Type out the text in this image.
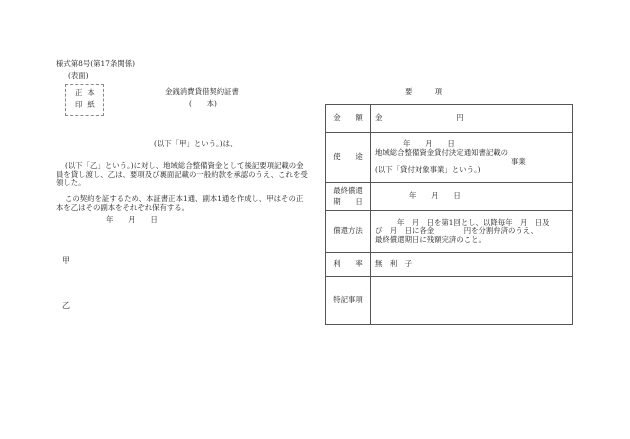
様式第8号(第17条関係)
(表面)
正本
印紙
金銭消費貸借契約証書
(　　本)
(以下「甲」という。)は、
(以下「乙」という。)に対し、地域総合整備資金として後記要項記載の金員を貸し渡し、乙は、要項及び裏面記載の一般約款を承認のうえ、これを受領した。
この契約を証するため、本証書正本1通、副本1通を作成し、甲はその正本を乙はその副本をそれぞれ保有する。
年　　月　　日
甲
乙
要　　　項
金　　額	金　　　　　　　　　　円
使　　途	年　　月　　日
地域総合整備資金貸付決定通知書記載の
事業
(以下「貸付対象事業」という。)

最終償還
期　　日	年　　月　　日
償還方法	年　月　日を第1回とし、以降毎年　月　日及
び　月　日に各金　　　　円を分割弁済のうえ、
最終償還期日に残額完済のこと。

利　　率	無　利　子
特記事項	
